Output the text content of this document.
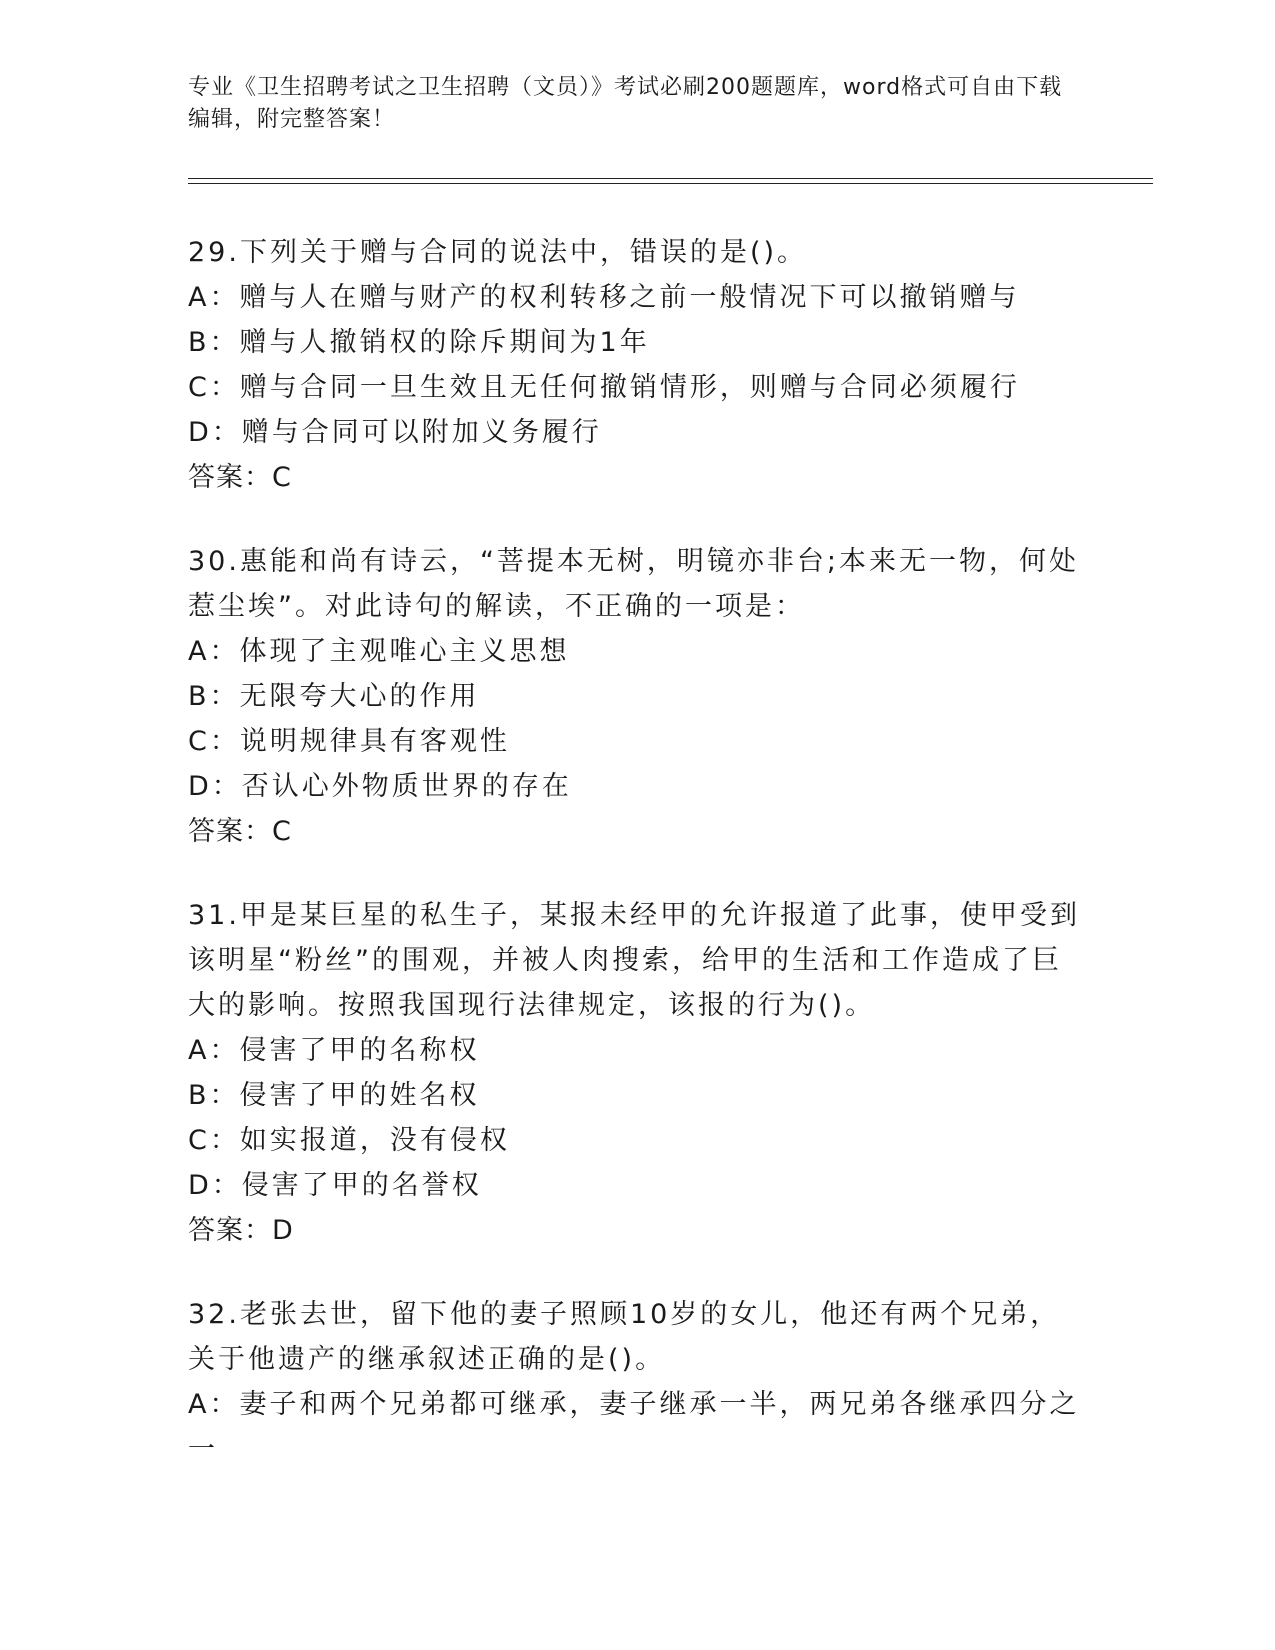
专业《卫生招聘考试之卫生招聘（文员）》考试必刷200题题库，word格式可自由下载编辑，附完整答案！
29.下列关于赠与合同的说法中，错误的是()。
A：赠与人在赠与财产的权利转移之前一般情况下可以撤销赠与
B：赠与人撤销权的除斥期间为1年
C：赠与合同一旦生效且无任何撤销情形，则赠与合同必须履行
D：赠与合同可以附加义务履行
答案：C
30.惠能和尚有诗云，“菩提本无树，明镜亦非台;本来无一物，何处惹尘埃”。对此诗句的解读，不正确的一项是：
A：体现了主观唯心主义思想
B：无限夸大心的作用
C：说明规律具有客观性
D：否认心外物质世界的存在
答案：C
31.甲是某巨星的私生子，某报未经甲的允许报道了此事，使甲受到该明星“粉丝”的围观，并被人肉搜索，给甲的生活和工作造成了巨大的影响。按照我国现行法律规定，该报的行为()。
A：侵害了甲的名称权
B：侵害了甲的姓名权
C：如实报道，没有侵权
D：侵害了甲的名誉权
答案：D
32.老张去世，留下他的妻子照顾10岁的女儿，他还有两个兄弟，关于他遗产的继承叙述正确的是()。
A：妻子和两个兄弟都可继承，妻子继承一半，两兄弟各继承四分之一
